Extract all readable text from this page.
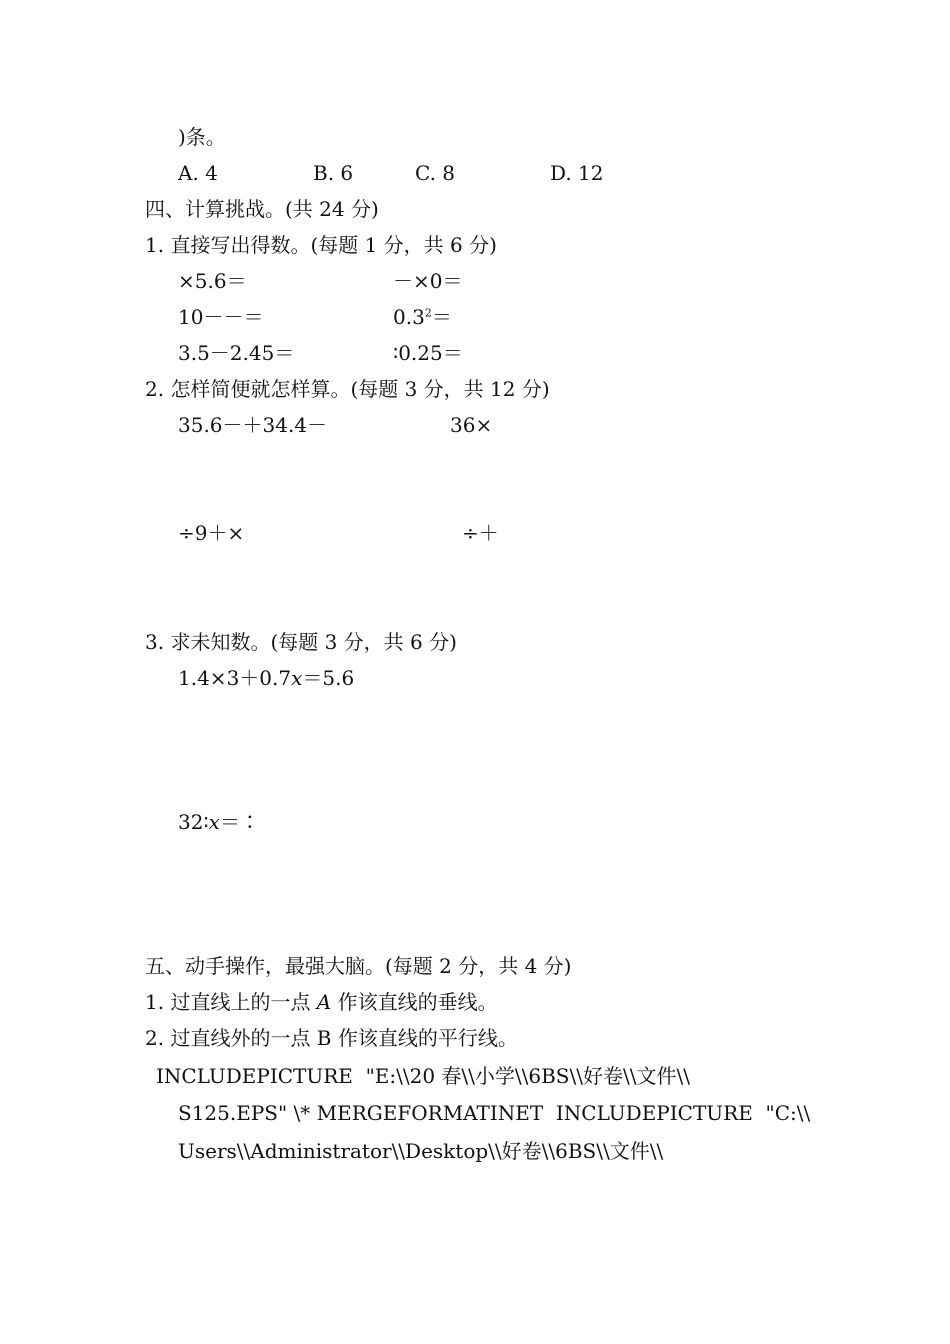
)条。
A. 4	B. 6	C. 8	D. 12
四、计算挑战。(共 24 分)
1. 直接写出得数。(每题 1 分，共 6 分)
×5.6＝	－×0＝
10－－＝	$0.3^2=$
3.5－2.45＝	∶0.25＝
2. 怎样简便就怎样算。(每题 3 分，共 12 分)
35.6－＋34.4－	36×
÷9＋×	÷＋
3. 求未知数。(每题 3 分，共 6 分)
1.4×3＋0.7x＝5.6
32∶x＝∶
五、动手操作，最强大脑。(每题 2 分，共 4 分)
1. 过直线上的一点 A 作该直线的垂线。
2. 过直线外的一点 B 作该直线的平行线。
INCLUDEPICTURE  "E:\\20 春\\小学\\6BS\\好卷\\文件\\
S125.EPS" \* MERGEFORMATINET  INCLUDEPICTURE  "C:\\
Users\\Administrator\\Desktop\\好卷\\6BS\\文件\\
